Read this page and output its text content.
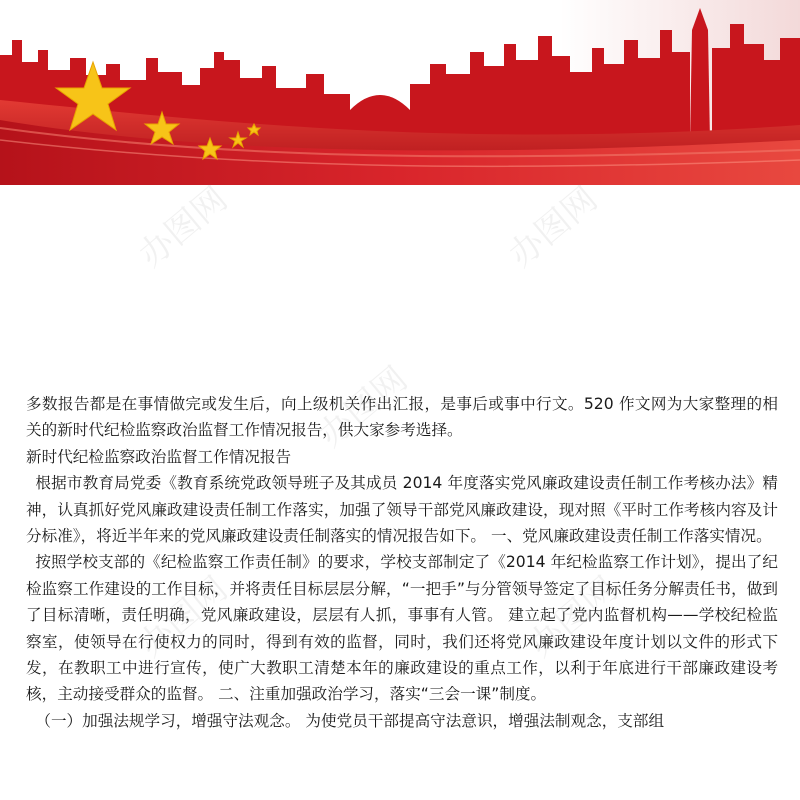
办图网	办图网
办图网
办图网	办图网

多数报告都是在事情做完或发生后，向上级机关作出汇报，是事后或事中行文。520 作文网为大家整理的相关的新时代纪检监察政治监督工作情况报告，供大家参考选择。

新时代纪检监察政治监督工作情况报告

根据市教育局党委《教育系统党政领导班子及其成员 2014 年度落实党风廉政建设责任制工作考核办法》精神，认真抓好党风廉政建设责任制工作落实，加强了领导干部党风廉政建设，现对照《平时工作考核内容及计分标准》，将近半年来的党风廉政建设责任制落实的情况报告如下。 一、党风廉政建设责任制工作落实情况。

按照学校支部的《纪检监察工作责任制》的要求，学校支部制定了《2014 年纪检监察工作计划》，提出了纪检监察工作建设的工作目标，并将责任目标层层分解，“一把手”与分管领导签定了目标任务分解责任书，做到了目标清晰，责任明确，党风廉政建设，层层有人抓，事事有人管。 建立起了党内监督机构——学校纪检监察室，使领导在行使权力的同时，得到有效的监督，同时，我们还将党风廉政建设年度计划以文件的形式下发，在教职工中进行宣传，使广大教职工清楚本年的廉政建设的重点工作，以利于年底进行干部廉政建设考核，主动接受群众的监督。 二、注重加强政治学习，落实“三会一课”制度。

（一）加强法规学习，增强守法观念。 为使党员干部提高守法意识，增强法制观念，支部组
